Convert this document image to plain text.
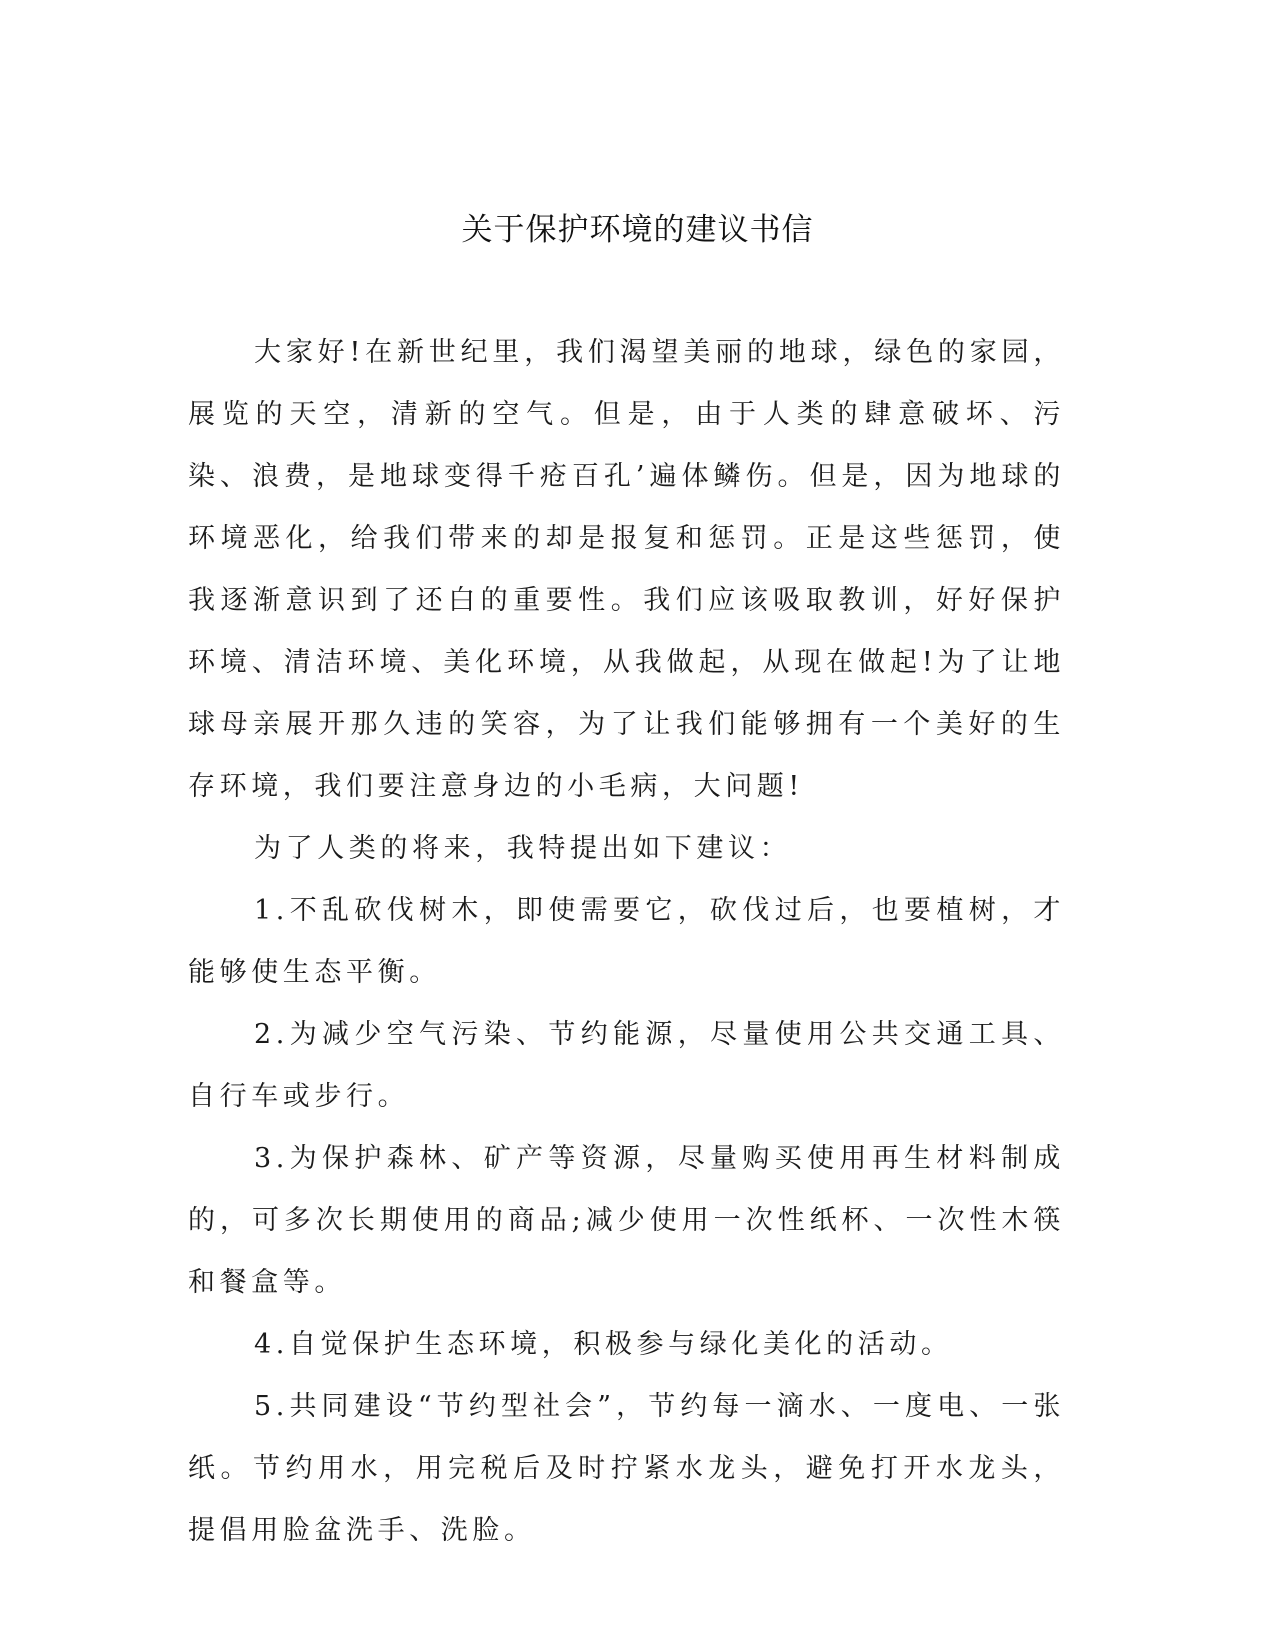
关于保护环境的建议书信

大家好!在新世纪里，我们渴望美丽的地球，绿色的家园，展览的天空，清新的空气。但是，由于人类的肆意破坏、污染、浪费，是地球变得千疮百孔’遍体鳞伤。但是，因为地球的环境恶化，给我们带来的却是报复和惩罚。正是这些惩罚，使我逐渐意识到了还白的重要性。我们应该吸取教训，好好保护环境、清洁环境、美化环境，从我做起，从现在做起!为了让地球母亲展开那久违的笑容，为了让我们能够拥有一个美好的生存环境，我们要注意身边的小毛病，大问题!

为了人类的将来，我特提出如下建议：

1.不乱砍伐树木，即使需要它，砍伐过后，也要植树，才能够使生态平衡。

2.为减少空气污染、节约能源，尽量使用公共交通工具、自行车或步行。

3.为保护森林、矿产等资源，尽量购买使用再生材料制成的，可多次长期使用的商品;减少使用一次性纸杯、一次性木筷和餐盒等。

4.自觉保护生态环境，积极参与绿化美化的活动。

5.共同建设“节约型社会”，节约每一滴水、一度电、一张纸。节约用水，用完税后及时拧紧水龙头，避免打开水龙头，提倡用脸盆洗手、洗脸。
